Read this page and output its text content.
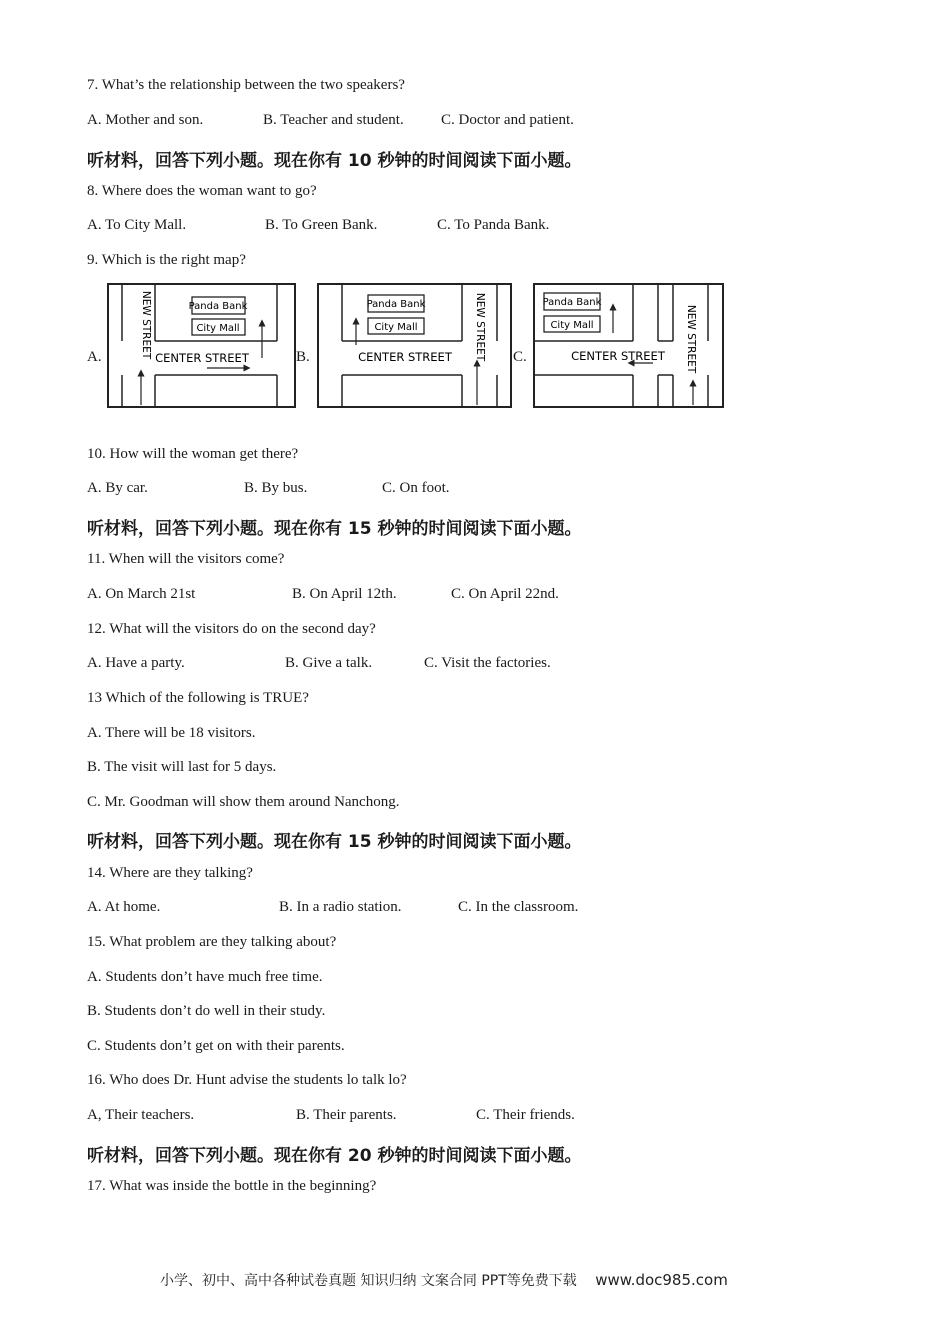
7. What’s the relationship between the two speakers?
A. Mother and son.	B. Teacher and student. C. Doctor and patient.
听材料，回答下列小题。现在你有 10 秒钟的时间阅读下面小题。
8. Where does the woman want to go?
A. To City Mall.	B. To Green Bank.	C. To Panda Bank.
9. Which is the right map?
A.	B.	C.
Panda Bank
City Mall
CENTER STREET
NEW STREET	Panda Bank
City Mall
CENTER STREET NEW STREET	Panda Bank
City Mall
CENTER STREET NEW STREET
10. How will the woman get there?
A. By car.	B. By bus.	C. On foot.
听材料，回答下列小题。现在你有 15 秒钟的时间阅读下面小题。
11. When will the visitors come?
A. On March 21st	B. On April 12th.	C. On April 22nd.
12. What will the visitors do on the second day?
A. Have a party.	B. Give a talk.	C. Visit the factories.
13 Which of the following is TRUE?
A. There will be 18 visitors.
B. The visit will last for 5 days.
C. Mr. Goodman will show them around Nanchong.
听材料，回答下列小题。现在你有 15 秒钟的时间阅读下面小题。
14. Where are they talking?
A. At home.	B. In a radio station.	C. In the classroom.
15. What problem are they talking about?
A. Students don’t have much free time.
B. Students don’t do well in their study.
C. Students don’t get on with their parents.
16. Who does Dr. Hunt advise the students lo talk lo?
A, Their teachers.	B. Their parents.	C. Their friends.
听材料，回答下列小题。现在你有 20 秒钟的时间阅读下面小题。
17. What was inside the bottle in the beginning?
小学、初中、高中各种试卷真题 知识归纳 文案合同 PPT等免费下载 www.doc985.com
